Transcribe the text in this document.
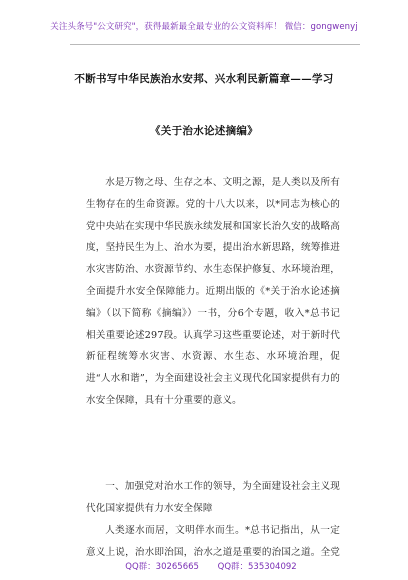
关注头条号"公文研究"，获得最新最全最专业的公文资料库！ 微信：gongwenyj
不断书写中华民族治水安邦、兴水利民新篇章——学习
《关于治水论述摘编》
水是万物之母、生存之本、文明之源，是人类以及所有生物存在的生命资源。党的十八大以来，以*同志为核心的党中央站在实现中华民族永续发展和国家长治久安的战略高度，坚持民生为上、治水为要，提出治水新思路，统筹推进水灾害防治、水资源节约、水生态保护修复、水环境治理，全面提升水安全保障能力。近期出版的《*关于治水论述摘编》（以下简称《摘编》）一书，分6个专题，收入*总书记相关重要论述297段。认真学习这些重要论述，对于新时代新征程统筹水灾害、水资源、水生态、水环境治理，促进“人水和谐”，为全面建设社会主义现代化国家提供有力的水安全保障，具有十分重要的意义。
一、加强党对治水工作的领导，为全面建设社会主义现代化国家提供有力水安全保障
人类逐水而居，文明伴水而生。*总书记指出，从一定意义上说，治水即治国，治水之道是重要的治国之道。全党
QQ群：30265665 QQ群：535304092
